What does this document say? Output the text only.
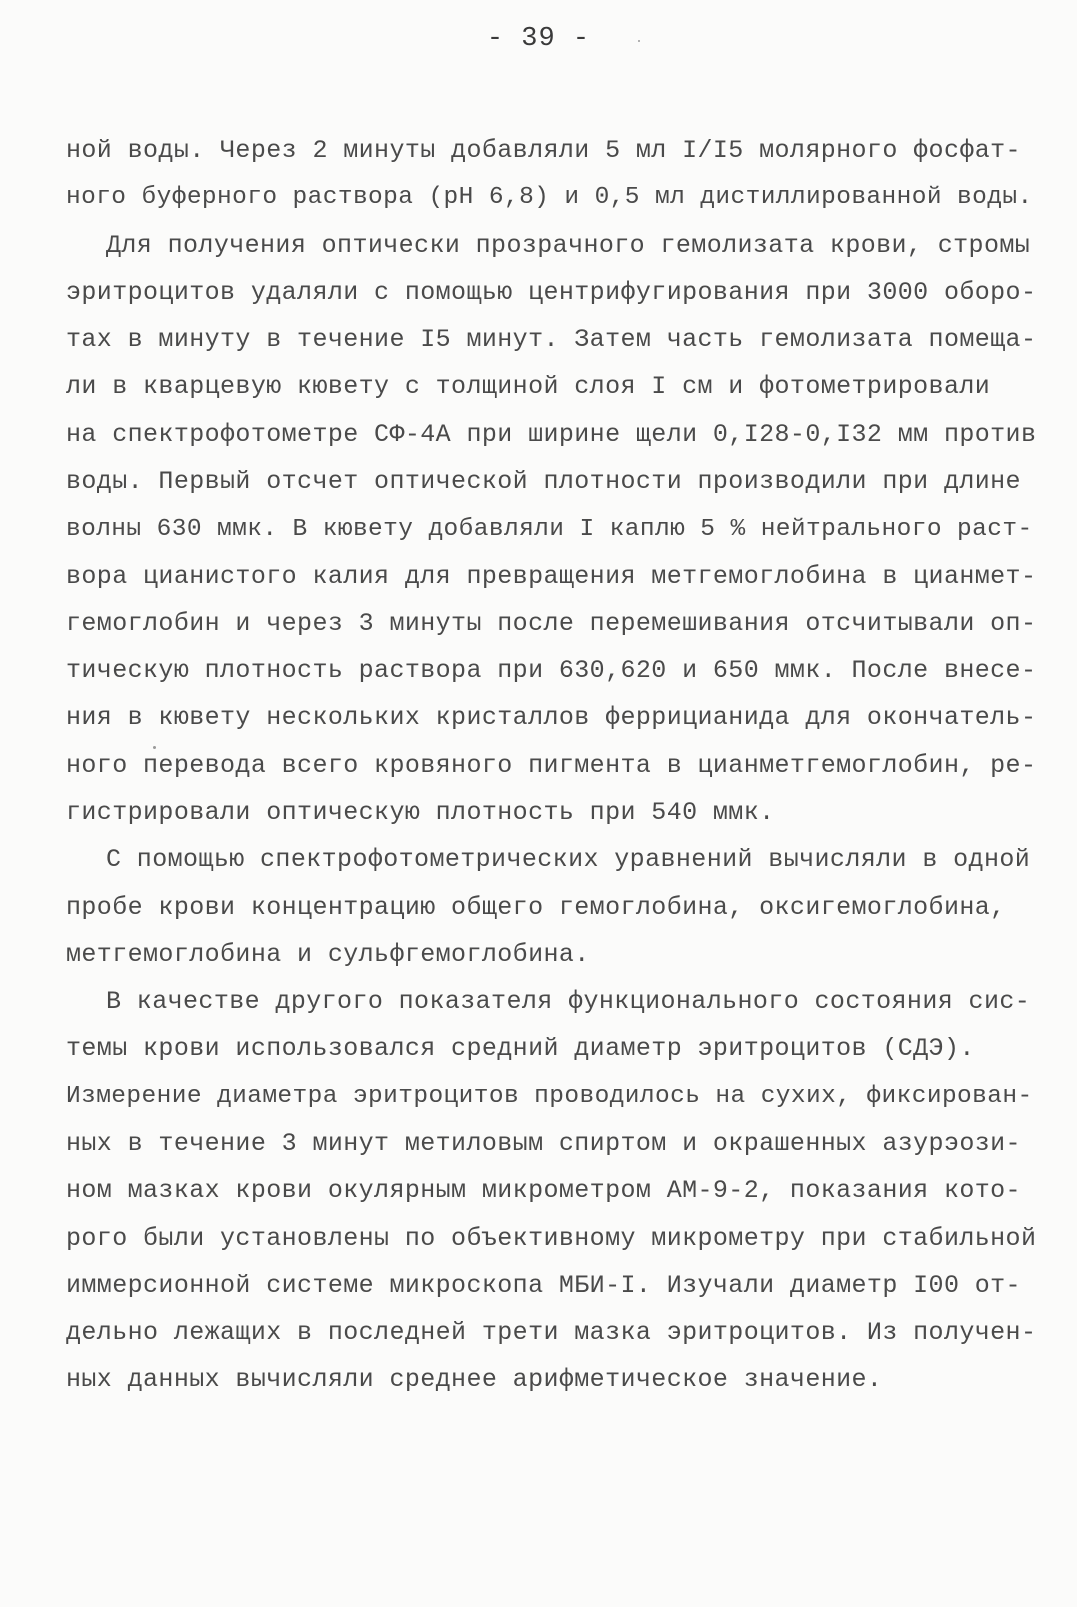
- 39 -
ной воды. Через 2 минуты добавляли 5 мл I/I5 молярного фосфат-
ного буферного раствора (pH 6,8) и 0,5 мл дистиллированной воды.
Для получения оптически прозрачного гемолизата крови, стромы
эритроцитов удаляли с помощью центрифугирования при 3000 оборо-
тах в минуту в течение I5 минут. Затем часть гемолизата помеща-
ли в кварцевую кювету с толщиной слоя I см и фотометрировали
на спектрофотометре СФ-4А при ширине щели 0,I28-0,I32 мм против
воды. Первый отсчет оптической плотности производили при длине
волны 630 ммк. В кювету добавляли I каплю 5 % нейтрального раст-
вора цианистого калия для превращения метгемоглобина в цианмет-
гемоглобин и через 3 минуты после перемешивания отсчитывали оп-
тическую плотность раствора при 630,620 и 650 ммк. После внесе-
ния в кювету нескольких кристаллов феррицианида для окончатель-
ного перевода всего кровяного пигмента в цианметгемоглобин, ре-
гистрировали оптическую плотность при 540 ммк.
С помощью спектрофотометрических уравнений вычисляли в одной
пробе крови концентрацию общего гемоглобина, оксигемоглобина,
метгемоглобина и сульфгемоглобина.
В качестве другого показателя функционального состояния сис-
темы крови использовался средний диаметр эритроцитов (СДЭ).
Измерение диаметра эритроцитов проводилось на сухих, фиксирован-
ных в течение 3 минут метиловым спиртом и окрашенных азурэози-
ном мазках крови окулярным микрометром АМ-9-2, показания кото-
рого были установлены по объективному микрометру при стабильной
иммерсионной системе микроскопа МБИ-I. Изучали диаметр I00 от-
дельно лежащих в последней трети мазка эритроцитов. Из получен-
ных данных вычисляли среднее арифметическое значение.
